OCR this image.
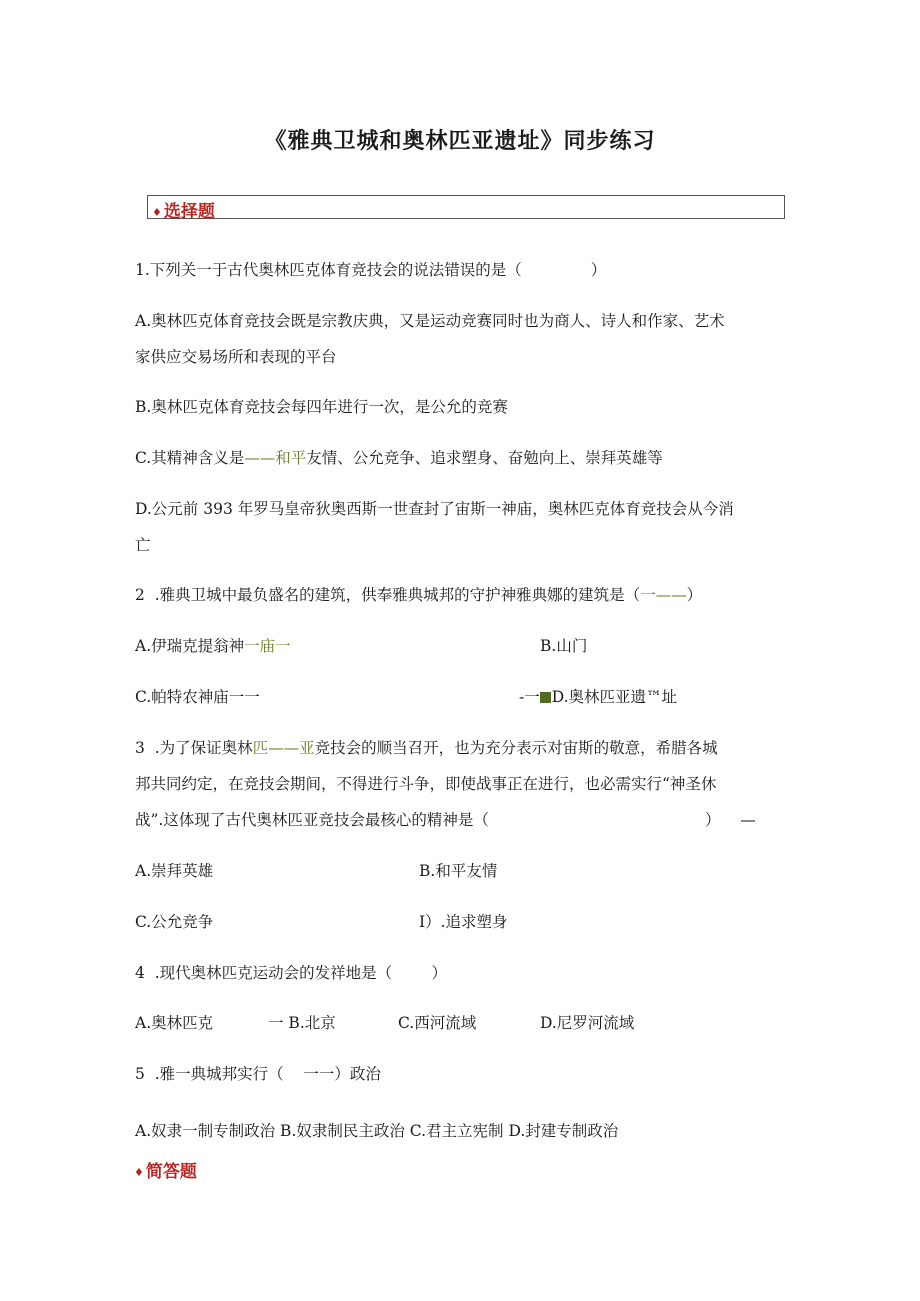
《雅典卫城和奥林匹亚遗址》同步练习
♦ 选择题
1.下列关一于古代奥林匹克体育竞技会的说法错误的是（              ）
A.奥林匹克体育竞技会既是宗教庆典，又是运动竞赛同时也为商人、诗人和作家、艺术
家供应交易场所和表现的平台
B.奥林匹克体育竞技会每四年进行一次，是公允的竞赛
C.其精神含义是——和平友情、公允竞争、追求塑身、奋勉向上、崇拜英雄等
D.公元前 393 年罗马皇帝狄奥西斯一世查封了宙斯一神庙，奥林匹克体育竞技会从今消
亡
2  .雅典卫城中最负盛名的建筑，供奉雅典城邦的守护神雅典娜的建筑是（一——）
A.伊瑞克提翁神一庙一	B.山门
C.帕特农神庙一一	-一 D.奥林匹亚遗™址
3  .为了保证奥林匹——亚竞技会的顺当召开，也为充分表示对宙斯的敬意，希腊各城
邦共同约定，在竞技会期间，不得进行斗争，即使战事正在进行，也必需实行“神圣休
战”.这体现了古代奥林匹亚竞技会最核心的精神是（	）    —
A.崇拜英雄	B.和平友情
C.公允竞争	I）.追求塑身
4  .现代奥林匹克运动会的发祥地是（        ）
A.奥林匹克	一 B.北京	C.西河流域	D.尼罗河流域
5  .雅一典城邦实行（    一一）政治
A.奴隶一制专制政治 B.奴隶制民主政治 C.君主立宪制 D.封建专制政治
♦ 简答题
